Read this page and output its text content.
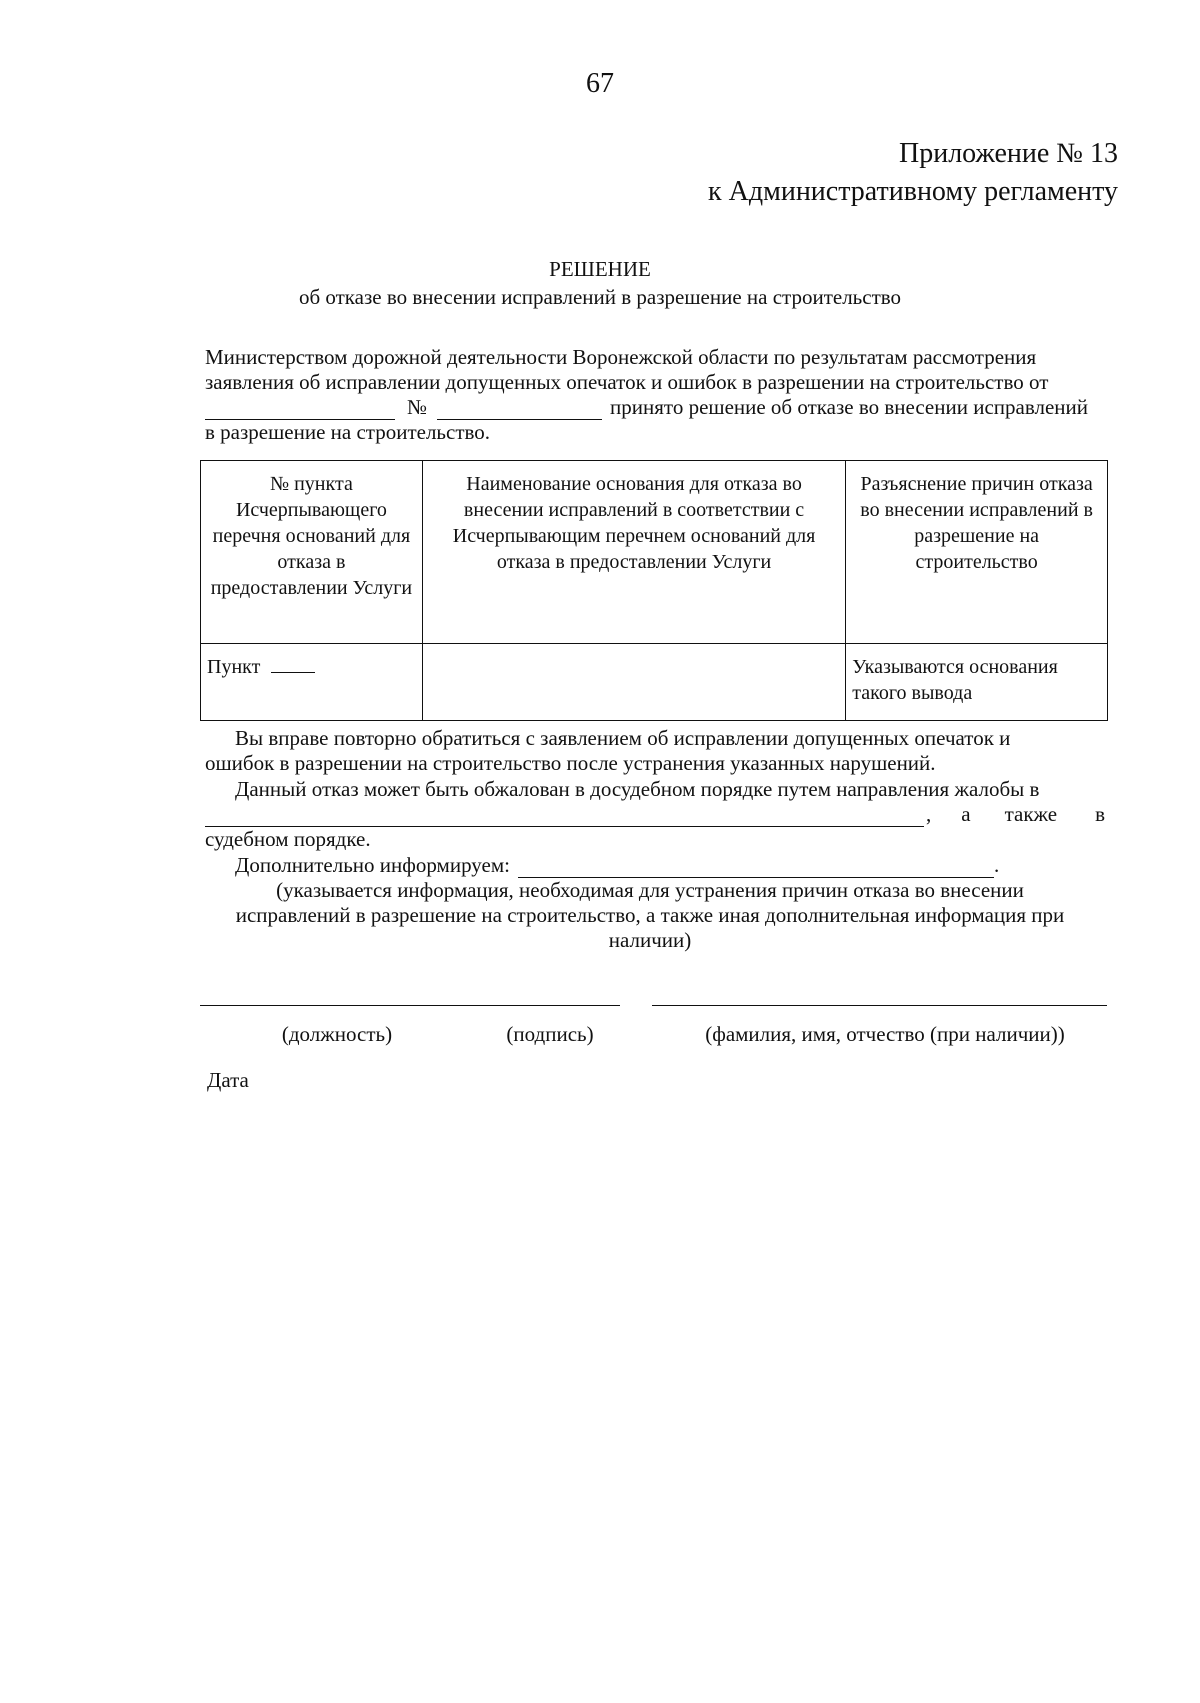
67
Приложение № 13
к Административному регламенту
РЕШЕНИЕ
об отказе во внесении исправлений в разрешение на строительство
Министерством дорожной деятельности Воронежской области по результатам рассмотрения
заявления об исправлении допущенных опечаток и ошибок в разрешении на строительство от
№	принято решение об отказе во внесении исправлений
в разрешение на строительство.
№ пункта Исчерпывающего перечня оснований для отказа в предоставлении Услуги	Наименование основания для отказа во внесении исправлений в соответствии с Исчерпывающим перечнем оснований для отказа в предоставлении Услуги	Разъяснение причин отказа во внесении исправлений в разрешение на строительство
Пункт		Указываются основания такого вывода
Вы вправе повторно обратиться с заявлением об исправлении допущенных опечаток и
ошибок в разрешении на строительство после устранения указанных нарушений.
Данный отказ может быть обжалован в досудебном порядке путем направления жалобы в
, а также в
судебном порядке.
Дополнительно информируем:	.
(указывается информация, необходимая для устранения причин отказа во внесении
исправлений в разрешение на строительство, а также иная дополнительная информация при
наличии)
(должность)	(подпись)	(фамилия, имя, отчество (при наличии))
Дата
